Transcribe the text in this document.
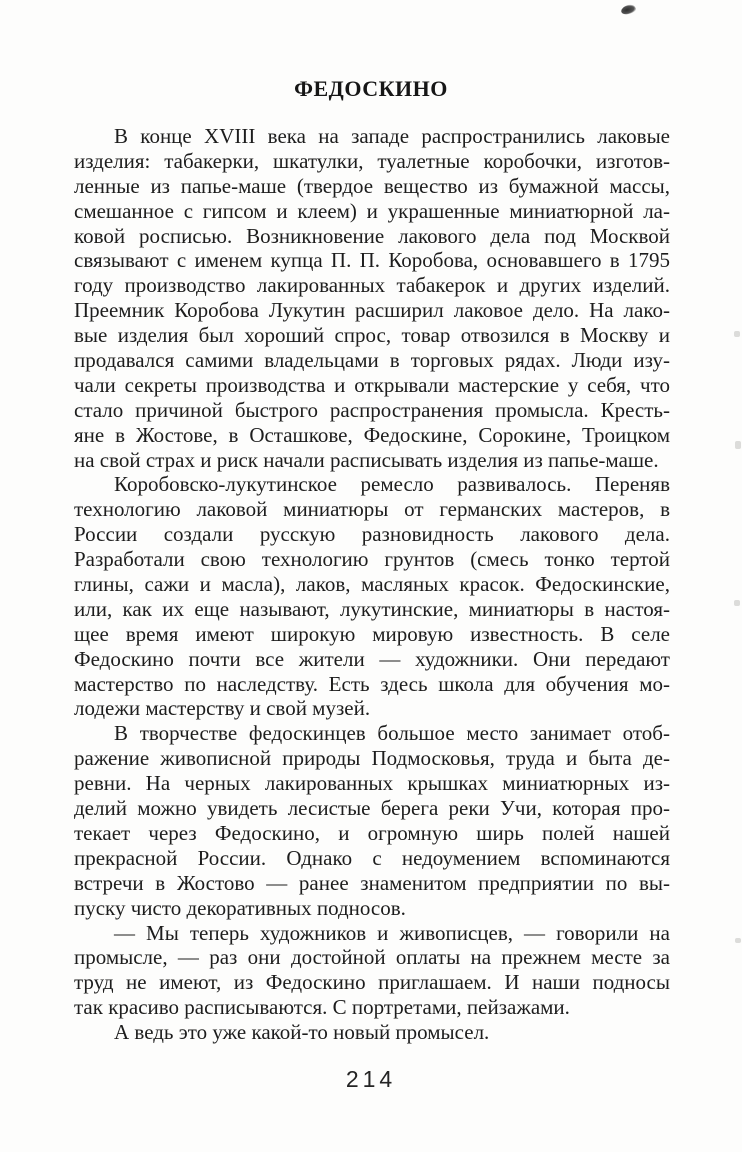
ФЕДОСКИНО
В конце XVIII века на западе распространились лаковые
изделия: табакерки, шкатулки, туалетные коробочки, изготов-
ленные из папье-маше (твердое вещество из бумажной массы,
смешанное с гипсом и клеем) и украшенные миниатюрной ла-
ковой росписью. Возникновение лакового дела под Москвой
связывают с именем купца П. П. Коробова, основавшего в 1795
году производство лакированных табакерок и других изделий.
Преемник Коробова Лукутин расширил лаковое дело. На лако-
вые изделия был хороший спрос, товар отвозился в Москву и
продавался самими владельцами в торговых рядах. Люди изу-
чали секреты производства и открывали мастерские у себя, что
стало причиной быстрого распространения промысла. Кресть-
яне в Жостове, в Осташкове, Федоскине, Сорокине, Троицком
на свой страх и риск начали расписывать изделия из папье-маше.
Коробовско-лукутинское ремесло развивалось. Переняв
технологию лаковой миниатюры от германских мастеров, в
России создали русскую разновидность лакового дела.
Разработали свою технологию грунтов (смесь тонко тертой
глины, сажи и масла), лаков, масляных красок. Федоскинские,
или, как их еще называют, лукутинские, миниатюры в настоя-
щее время имеют широкую мировую известность. В селе
Федоскино почти все жители — художники. Они передают
мастерство по наследству. Есть здесь школа для обучения мо-
лодежи мастерству и свой музей.
В творчестве федоскинцев большое место занимает отоб-
ражение живописной природы Подмосковья, труда и быта де-
ревни. На черных лакированных крышках миниатюрных из-
делий можно увидеть лесистые берега реки Учи, которая про-
текает через Федоскино, и огромную ширь полей нашей
прекрасной России. Однако с недоумением вспоминаются
встречи в Жостово — ранее знаменитом предприятии по вы-
пуску чисто декоративных подносов.
— Мы теперь художников и живописцев, — говорили на
промысле, — раз они достойной оплаты на прежнем месте за
труд не имеют, из Федоскино приглашаем. И наши подносы
так красиво расписываются. С портретами, пейзажами.
А ведь это уже какой-то новый промысел.
214
